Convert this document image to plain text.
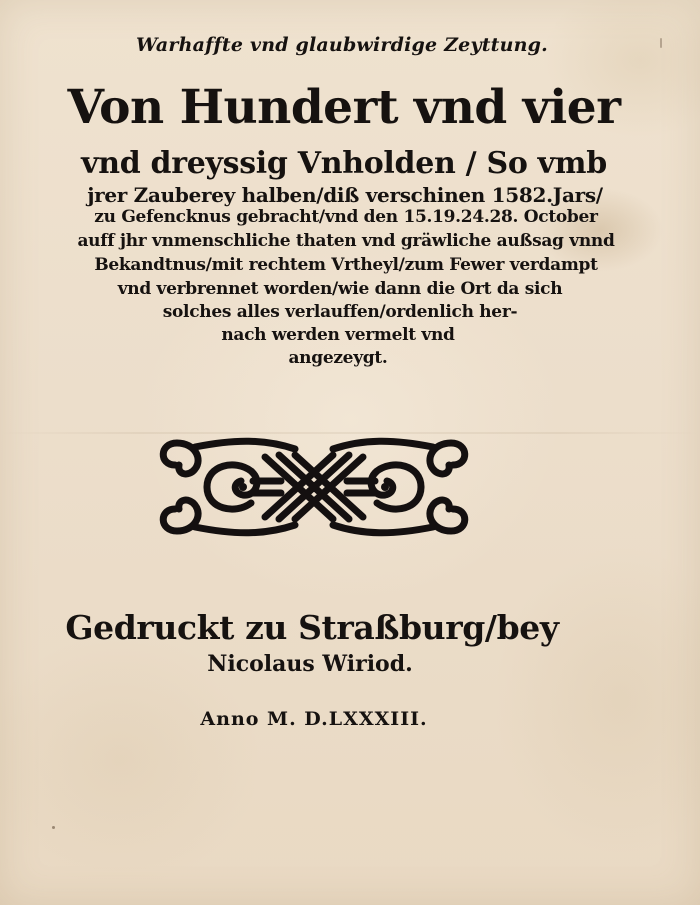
Warhaffte vnd glaubwirdige Zeyttung.
Von Hundert vnd vier
vnd dreyssig Vnholden / So vmb
jrer Zauberey halben/diß verschinen 1582.Jars/
zu Gefencknus gebracht/vnd den 15.19.24.28. October
auff jhr vnmenschliche thaten vnd gräwliche außsag vnnd
Bekandtnus/mit rechtem Vrtheyl/zum Fewer verdampt
vnd verbrennet worden/wie dann die Ort da sich
solches alles verlauffen/ordenlich her-
nach werden vermelt vnd
angezeygt.
Gedruckt zu Straßburg/bey
Nicolaus Wiriod.
Anno M. D.LXXXIII.
